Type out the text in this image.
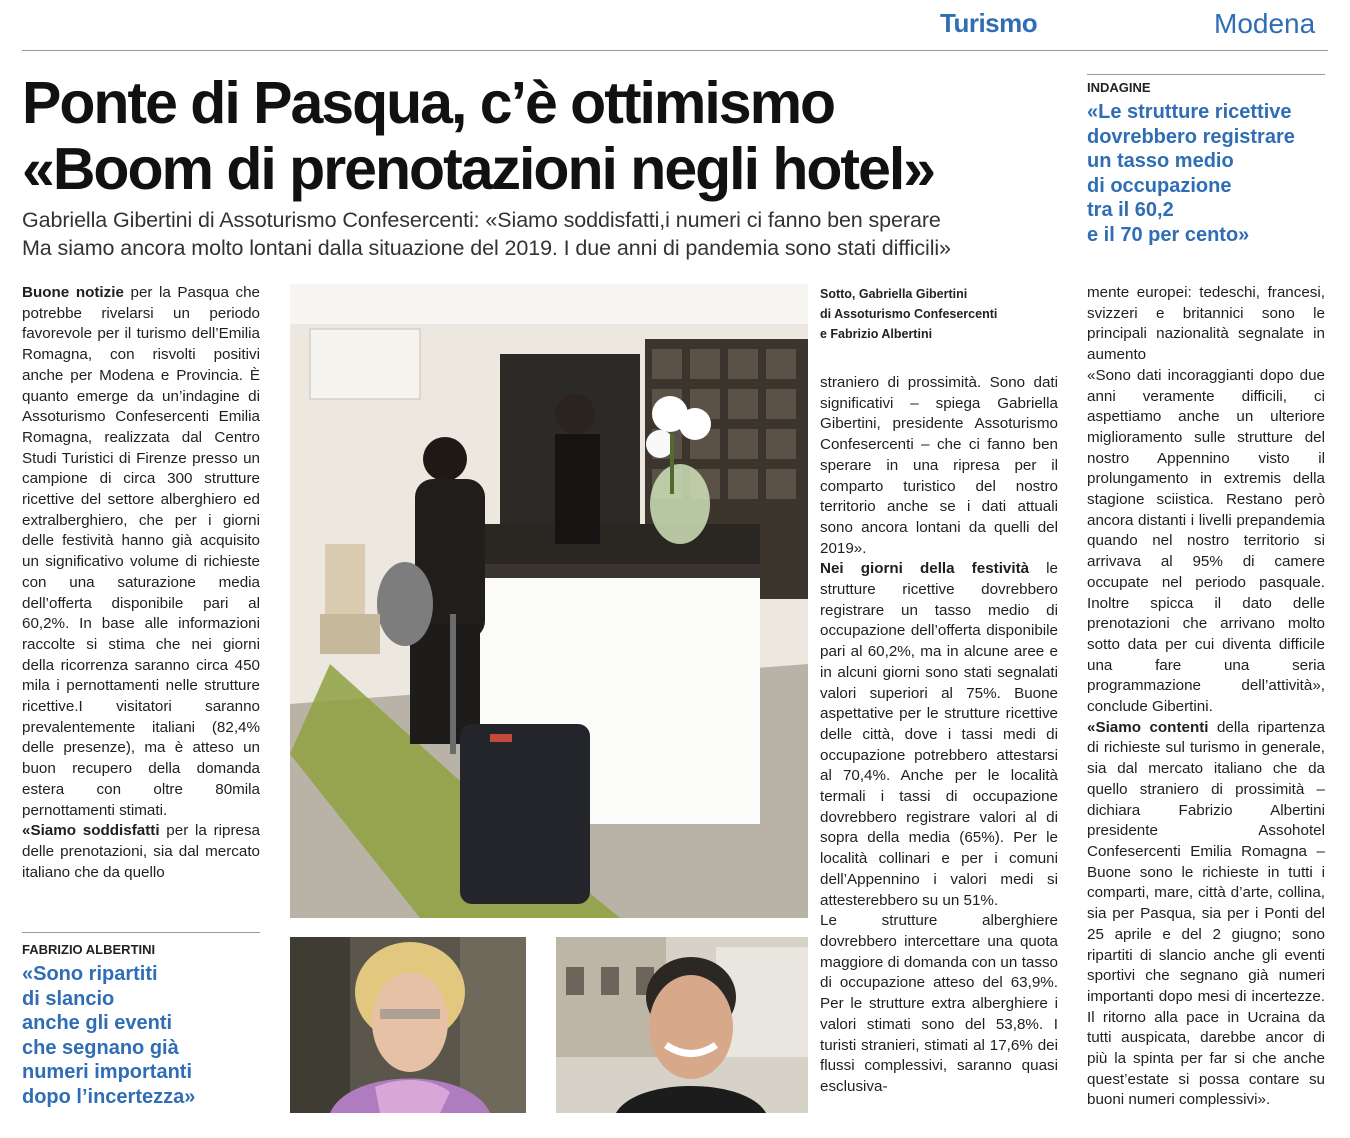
Turismo	Modena
Ponte di Pasqua, c’è ottimismo
«Boom di prenotazioni negli hotel»
Gabriella Gibertini di Assoturismo Confesercenti: «Siamo soddisfatti,i numeri ci fanno ben sperare
Ma siamo ancora molto lontani dalla situazione del 2019. I due anni di pandemia sono stati difficili»
INDAGINE
«Le strutture ricettive
dovrebbero registrare
un tasso medio
di occupazione
tra il 60,2
e il 70 per cento»
Buone notizie per la Pasqua che potrebbe rivelarsi un periodo favorevole per il turismo dell’Emilia Romagna, con risvolti positivi anche per Modena e Provincia. È quanto emerge da un’indagine di Assoturismo Confesercenti Emilia Romagna, realizzata dal Centro Studi Turistici di Firenze presso un campione di circa 300 strutture ricettive del settore alberghiero ed extralberghiero, che per i giorni delle festività hanno già acquisito un significativo volume di richieste con una saturazione media dell’offerta disponibile pari al 60,2%. In base alle informazioni raccolte si stima che nei giorni della ricorrenza saranno circa 450 mila i pernottamenti nelle strutture ricettive.I visitatori saranno prevalentemente italiani (82,4% delle presenze), ma è atteso un buon recupero della domanda estera con oltre 80mila pernottamenti stimati.
«Siamo soddisfatti per la ripresa delle prenotazioni, sia dal mercato italiano che da quello
FABRIZIO ALBERTINI
«Sono ripartiti
di slancio
anche gli eventi
che segnano già
numeri importanti
dopo l’incertezza»
Sotto, Gabriella Gibertini
di Assoturismo Confesercenti
e Fabrizio Albertini
straniero di prossimità. Sono dati significativi – spiega Gabriella Gibertini, presidente Assoturismo Confesercenti – che ci fanno ben sperare in una ripresa per il comparto turistico del nostro territorio anche se i dati attuali sono ancora lontani da quelli del 2019».
Nei giorni della festività le strutture ricettive dovrebbero registrare un tasso medio di occupazione dell’offerta disponibile pari al 60,2%, ma in alcune aree e in alcuni giorni sono stati segnalati valori superiori al 75%. Buone aspettative per le strutture ricettive delle città, dove i tassi medi di occupazione potrebbero attestarsi al 70,4%. Anche per le località termali i tassi di occupazione dovrebbero registrare valori al di sopra della media (65%). Per le località collinari e per i comuni dell’Appennino i valori medi si attesterebbero su un 51%.
Le strutture alberghiere dovrebbero intercettare una quota maggiore di domanda con un tasso di occupazione atteso del 63,9%. Per le strutture extra alberghiere i valori stimati sono del 53,8%. I turisti stranieri, stimati al 17,6% dei flussi complessivi, saranno quasi esclusiva-
mente europei: tedeschi, francesi, svizzeri e britannici sono le principali nazionalità segnalate in aumento
«Sono dati incoraggianti dopo due anni veramente difficili, ci aspettiamo anche un ulteriore miglioramento sulle strutture del nostro Appennino visto il prolungamento in extremis della stagione sciistica. Restano però ancora distanti i livelli prepandemia quando nel nostro territorio si arrivava al 95% di camere occupate nel periodo pasquale. Inoltre spicca il dato delle prenotazioni che arrivano molto sotto data per cui diventa difficile una fare una seria programmazione dell’attività», conclude Gibertini.
«Siamo contenti della ripartenza di richieste sul turismo in generale, sia dal mercato italiano che da quello straniero di prossimità – dichiara Fabrizio Albertini presidente Assohotel Confesercenti Emilia Romagna – Buone sono le richieste in tutti i comparti, mare, città d’arte, collina, sia per Pasqua, sia per i Ponti del 25 aprile e del 2 giugno; sono ripartiti di slancio anche gli eventi sportivi che segnano già numeri importanti dopo mesi di incertezze. Il ritorno alla pace in Ucraina da tutti auspicata, darebbe ancor di più la spinta per far si che anche quest’estate si possa contare su buoni numeri complessivi».
